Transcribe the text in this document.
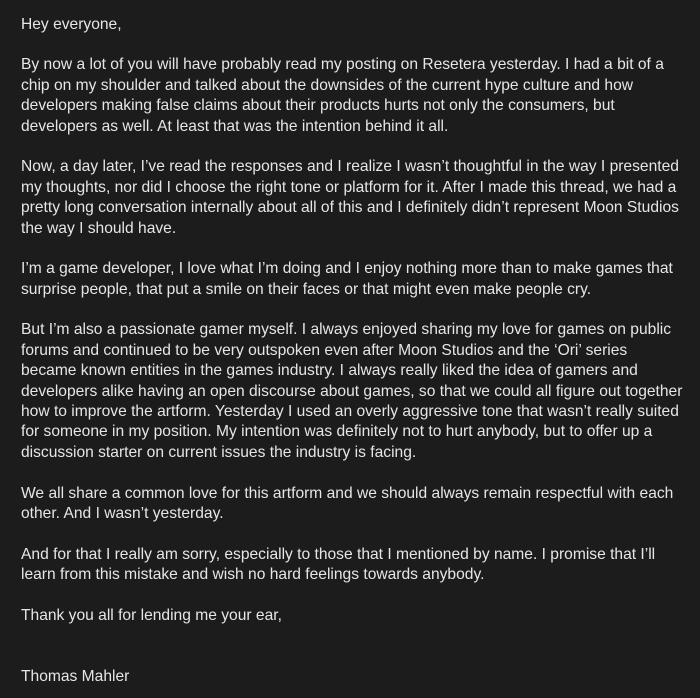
Hey everyone,

By now a lot of you will have probably read my posting on Resetera yesterday. I had a bit of a

chip on my shoulder and talked about the downsides of the current hype culture and how

developers making false claims about their products hurts not only the consumers, but

developers as well. At least that was the intention behind it all.

Now, a day later, I’ve read the responses and I realize I wasn’t thoughtful in the way I presented

my thoughts, nor did I choose the right tone or platform for it. After I made this thread, we had a

pretty long conversation internally about all of this and I definitely didn’t represent Moon Studios

the way I should have.

I’m a game developer, I love what I’m doing and I enjoy nothing more than to make games that

surprise people, that put a smile on their faces or that might even make people cry.

But I’m also a passionate gamer myself. I always enjoyed sharing my love for games on public

forums and continued to be very outspoken even after Moon Studios and the ‘Ori’ series

became known entities in the games industry. I always really liked the idea of gamers and

developers alike having an open discourse about games, so that we could all figure out together

how to improve the artform. Yesterday I used an overly aggressive tone that wasn’t really suited

for someone in my position. My intention was definitely not to hurt anybody, but to offer up a

discussion starter on current issues the industry is facing.

We all share a common love for this artform and we should always remain respectful with each

other. And I wasn’t yesterday.

And for that I really am sorry, especially to those that I mentioned by name. I promise that I’ll

learn from this mistake and wish no hard feelings towards anybody.

Thank you all for lending me your ear,

Thomas Mahler
